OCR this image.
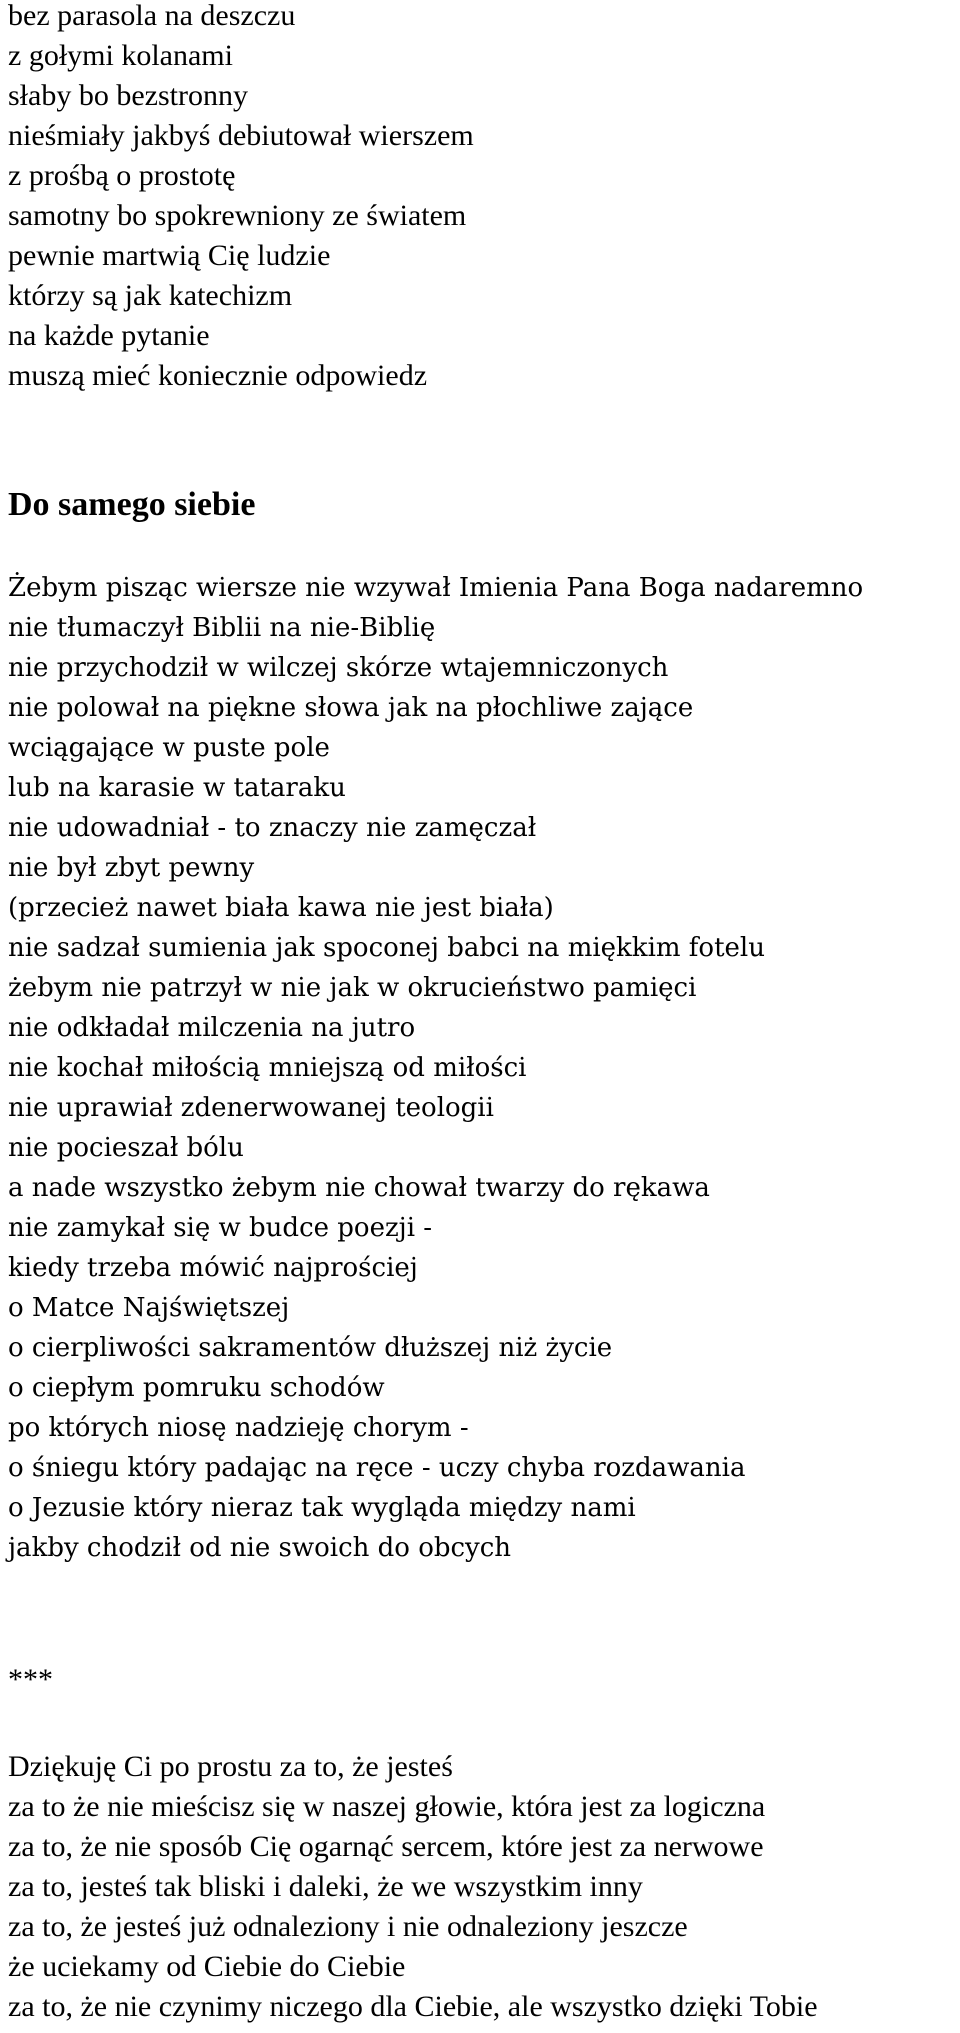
bez parasola na deszczu
z gołymi kolanami
słaby bo bezstronny
nieśmiały jakbyś debiutował wierszem
z prośbą o prostotę
samotny bo spokrewniony ze światem
pewnie martwią Cię ludzie
którzy są jak katechizm
na każde pytanie
muszą mieć koniecznie odpowiedz
Do samego siebie
Żebym pisząc wiersze nie wzywał Imienia Pana Boga nadaremno
nie tłumaczył Biblii na nie-Biblię
nie przychodził w wilczej skórze wtajemniczonych
nie polował na piękne słowa jak na płochliwe zające
wciągające w puste pole
lub na karasie w tataraku
nie udowadniał - to znaczy nie zamęczał
nie był zbyt pewny
(przecież nawet biała kawa nie jest biała)
nie sadzał sumienia jak spoconej babci na miękkim fotelu
żebym nie patrzył w nie jak w okrucieństwo pamięci
nie odkładał milczenia na jutro
nie kochał miłością mniejszą od miłości
nie uprawiał zdenerwowanej teologii
nie pocieszał bólu
a nade wszystko żebym nie chował twarzy do rękawa
nie zamykał się w budce poezji -
kiedy trzeba mówić najprościej
o Matce Najświętszej
o cierpliwości sakramentów dłuższej niż życie
o ciepłym pomruku schodów
po których niosę nadzieję chorym -
o śniegu który padając na ręce - uczy chyba rozdawania
o Jezusie który nieraz tak wygląda między nami
jakby chodził od nie swoich do obcych
***
Dziękuję Ci po prostu za to, że jesteś
za to że nie mieścisz się w naszej głowie, która jest za logiczna
za to, że nie sposób Cię ogarnąć sercem, które jest za nerwowe
za to, jesteś tak bliski i daleki, że we wszystkim inny
za to, że jesteś już odnaleziony i nie odnaleziony jeszcze
że uciekamy od Ciebie do Ciebie
za to, że nie czynimy niczego dla Ciebie, ale wszystko dzięki Tobie
